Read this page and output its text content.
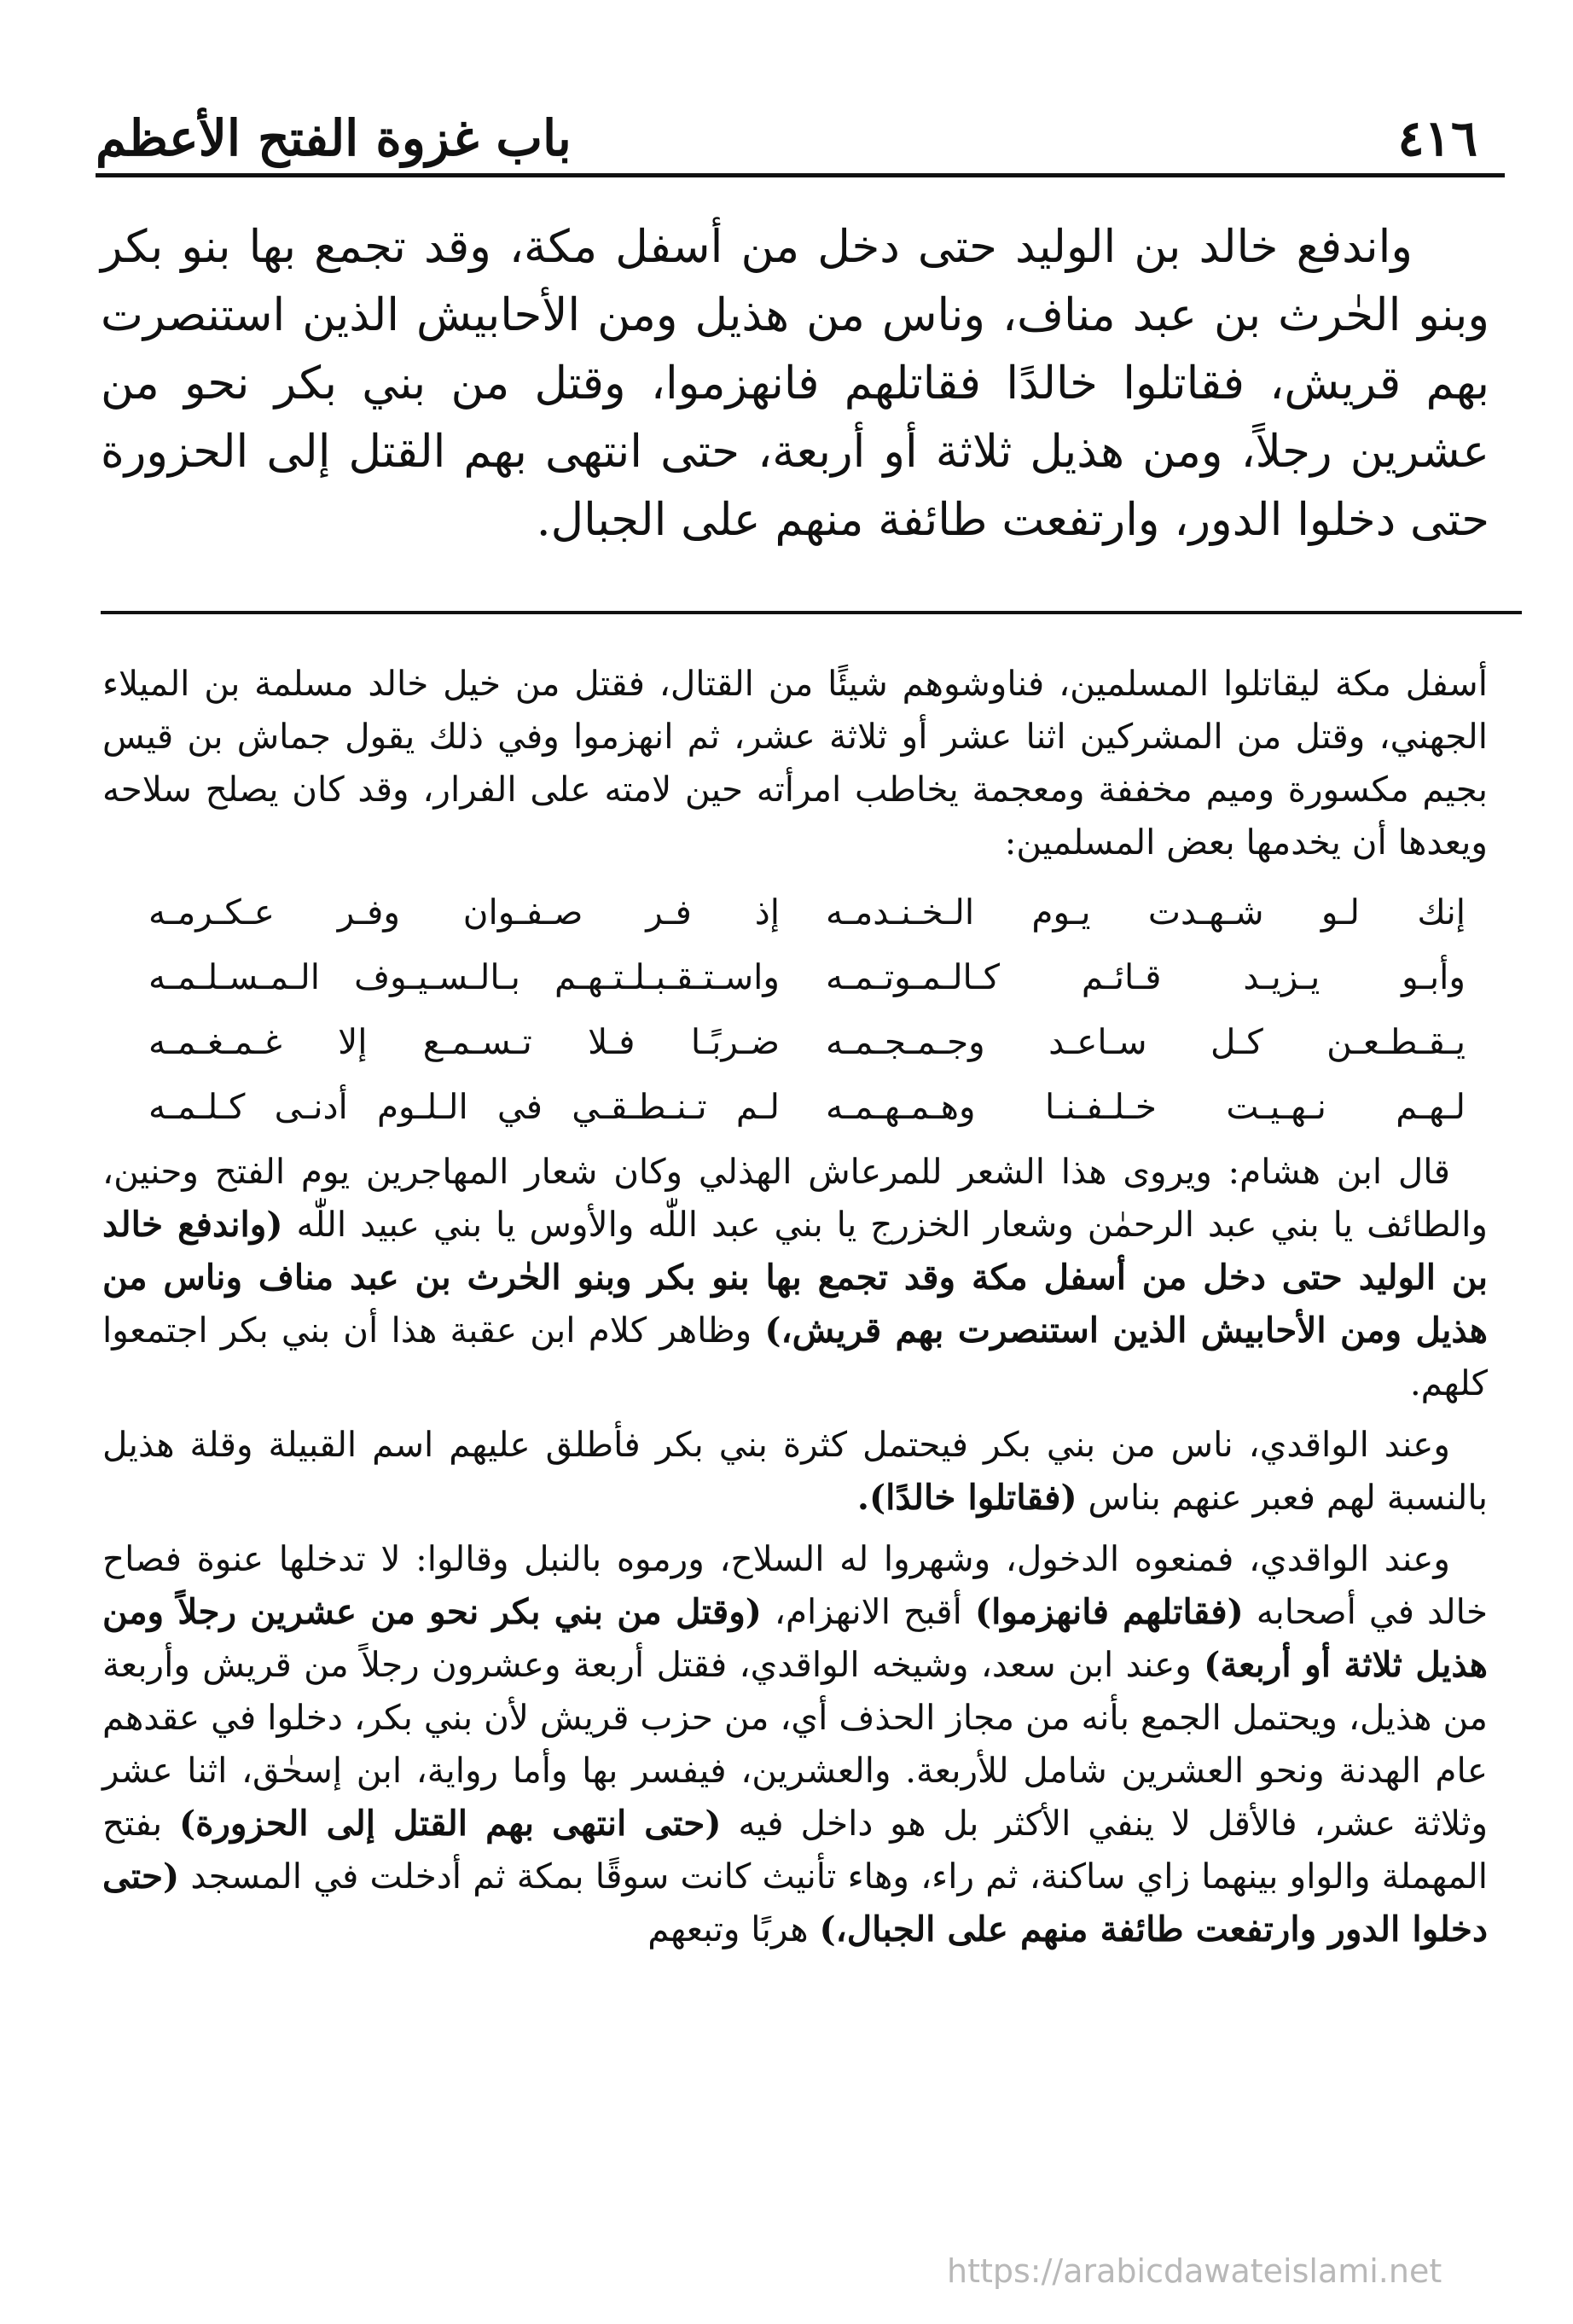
٤١٦
باب غزوة الفتح الأعظم

واندفع خالد بن الوليد حتى دخل من أسفل مكة، وقد تجمع بها بنو بكر وبنو الحٰرث بن عبد مناف، وناس من هذيل ومن الأحابيش الذين استنصرت بهم قريش، فقاتلوا خالدًا فقاتلهم فانهزموا، وقتل من بني بكر نحو من عشرين رجلاً، ومن هذيل ثلاثة أو أربعة، حتى انتهى بهم القتل إلى الحزورة حتى دخلوا الدور، وارتفعت طائفة منهم على الجبال.

أسفل مكة ليقاتلوا المسلمين، فناوشوهم شيئًا من القتال، فقتل من خيل خالد مسلمة بن الميلاء الجهني، وقتل من المشركين اثنا عشر أو ثلاثة عشر، ثم انهزموا وفي ذلك يقول جماش بن قيس بجيم مكسورة وميم مخففة ومعجمة يخاطب امرأته حين لامته على الفرار، وقد كان يصلح سلاحه ويعدها أن يخدمها بعض المسلمين:

إنك لـو شـهـدت يـوم الـخـنـدمـه
إذ فـر صـفـوان وفـر عـكـرمـه
وأبـو يـزيـد قـائـم كـالـمـوتـمـه
واسـتـقـبـلـتـهـم بـالـسـيـوف الـمـسـلـمـه
يـقـطـعـن كـل سـاعـد وجـمـجـمـه
ضـربًـا فـلا تـسـمـع إلا غـمـغـمـه
لـهـم نـهـيـت خـلـفـنـا وهـمـهـمـه
لـم تـنـطـقـي في الـلـوم أدنـى كـلـمـه

قال ابن هشام: ويروى هذا الشعر للمرعاش الهذلي وكان شعار المهاجرين يوم الفتح وحنين، والطائف يا بني عبد الرحمٰن وشعار الخزرج يا بني عبد اللّٰه والأوس يا بني عبيد اللّٰه (واندفع خالد بن الوليد حتى دخل من أسفل مكة وقد تجمع بها بنو بكر وبنو الحٰرث بن عبد مناف وناس من هذيل ومن الأحابيش الذين استنصرت بهم قريش،) وظاهر كلام ابن عقبة هذا أن بني بكر اجتمعوا كلهم.

وعند الواقدي، ناس من بني بكر فيحتمل كثرة بني بكر فأطلق عليهم اسم القبيلة وقلة هذيل بالنسبة لهم فعبر عنهم بناس (فقاتلوا خالدًا).

وعند الواقدي، فمنعوه الدخول، وشهروا له السلاح، ورموه بالنبل وقالوا: لا تدخلها عنوة فصاح خالد في أصحابه (فقاتلهم فانهزموا) أقبح الانهزام، (وقتل من بني بكر نحو من عشرين رجلاً ومن هذيل ثلاثة أو أربعة) وعند ابن سعد، وشيخه الواقدي، فقتل أربعة وعشرون رجلاً من قريش وأربعة من هذيل، ويحتمل الجمع بأنه من مجاز الحذف أي، من حزب قريش لأن بني بكر، دخلوا في عقدهم عام الهدنة ونحو العشرين شامل للأربعة. والعشرين، فيفسر بها وأما رواية، ابن إسحٰق، اثنا عشر وثلاثة عشر، فالأقل لا ينفي الأكثر بل هو داخل فيه (حتى انتهى بهم القتل إلى الحزورة) بفتح المهملة والواو بينهما زاي ساكنة، ثم راء، وهاء تأنيث كانت سوقًا بمكة ثم أدخلت في المسجد (حتى دخلوا الدور وارتفعت طائفة منهم على الجبال،) هربًا وتبعهم

https://arabicdawateislami.net
